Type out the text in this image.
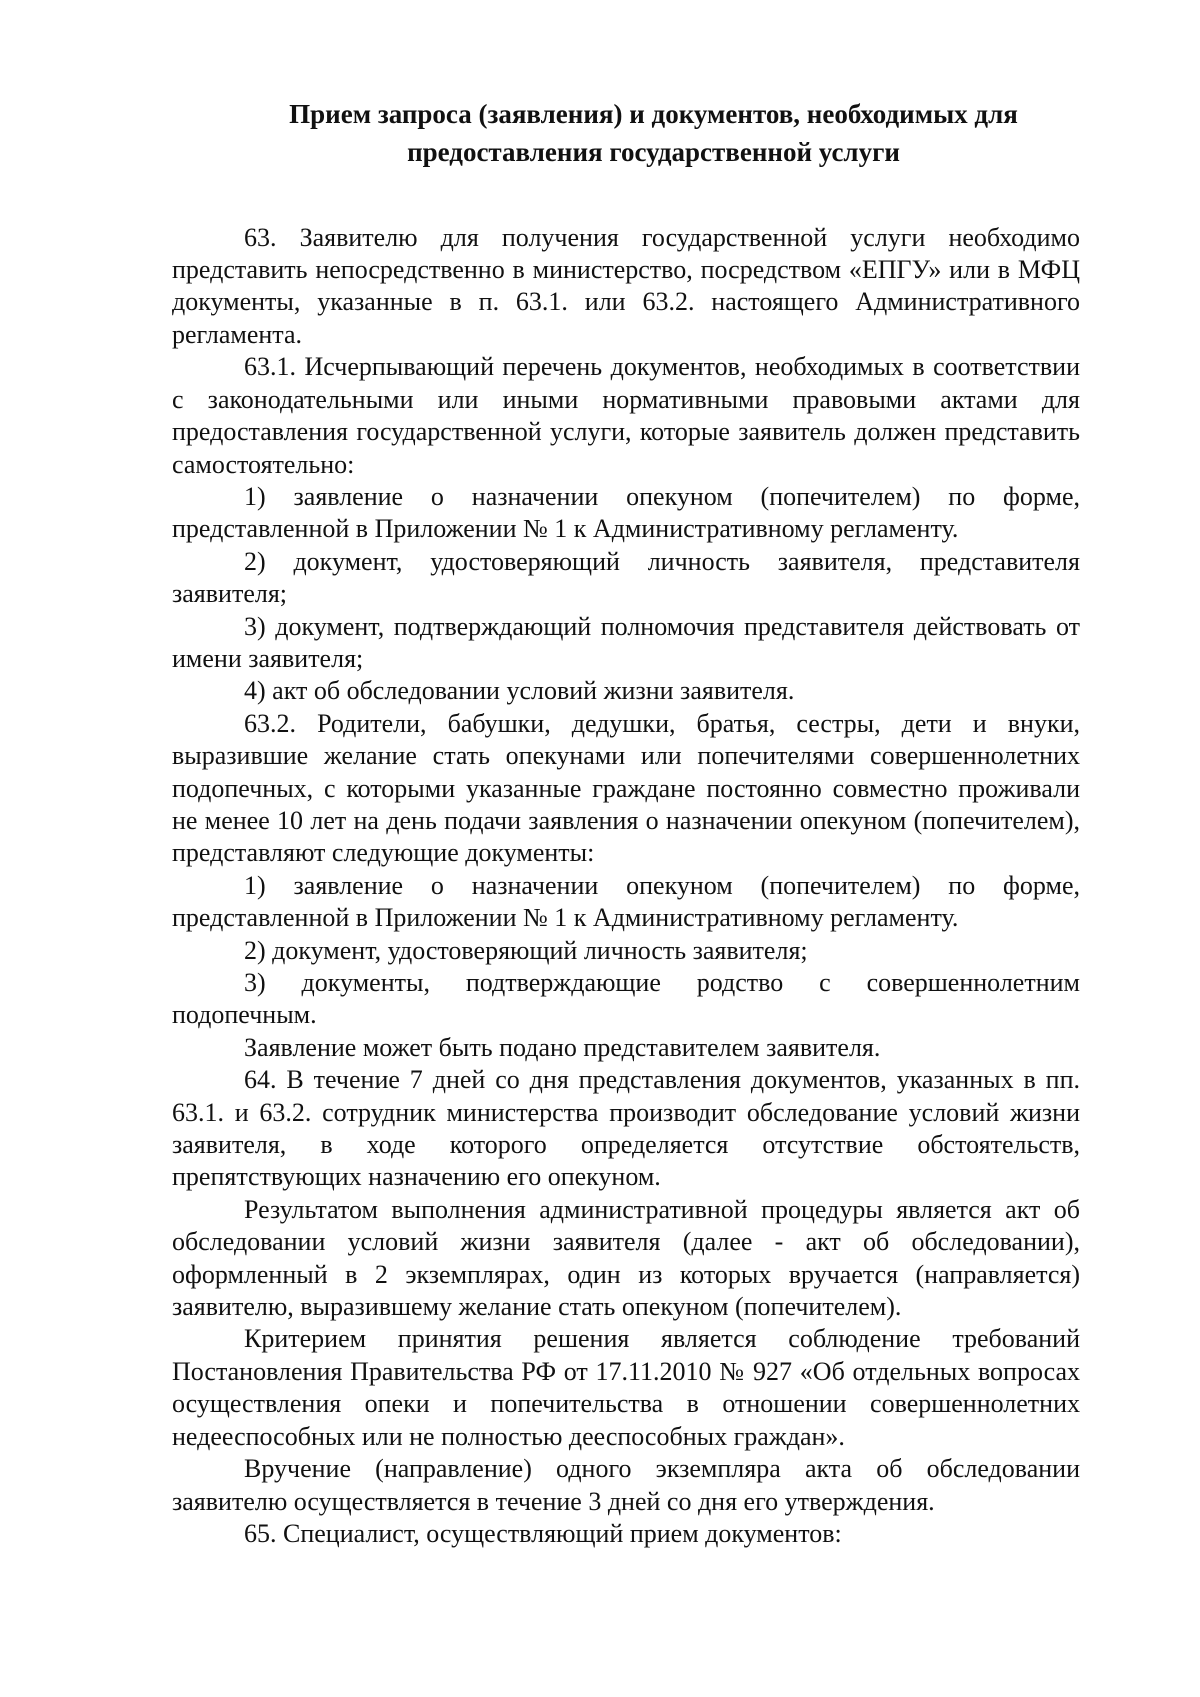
Прием запроса (заявления) и документов, необходимых для
предоставления государственной услуги

63. Заявителю для получения государственной услуги необходимо представить непосредственно в министерство, посредством «ЕПГУ» или в МФЦ документы, указанные в п. 63.1. или 63.2. настоящего Административного регламента.

63.1. Исчерпывающий перечень документов, необходимых в соответствии с законодательными или иными нормативными правовыми актами для предоставления государственной услуги, которые заявитель должен представить самостоятельно:

1) заявление о назначении опекуном (попечителем) по форме, представленной в Приложении № 1 к Административному регламенту.

2) документ, удостоверяющий личность заявителя, представителя заявителя;

3) документ, подтверждающий полномочия представителя действовать от имени заявителя;

4) акт об обследовании условий жизни заявителя.

63.2. Родители, бабушки, дедушки, братья, сестры, дети и внуки, выразившие желание стать опекунами или попечителями совершеннолетних подопечных, с которыми указанные граждане постоянно совместно проживали не менее 10 лет на день подачи заявления о назначении опекуном (попечителем), представляют следующие документы:

1) заявление о назначении опекуном (попечителем) по форме, представленной в Приложении № 1 к Административному регламенту.

2) документ, удостоверяющий личность заявителя;

3) документы, подтверждающие родство с совершеннолетним подопечным.

Заявление может быть подано представителем заявителя.

64. В течение 7 дней со дня представления документов, указанных в пп. 63.1. и 63.2. сотрудник министерства производит обследование условий жизни заявителя, в ходе которого определяется отсутствие обстоятельств, препятствующих назначению его опекуном.

Результатом выполнения административной процедуры является акт об обследовании условий жизни заявителя (далее - акт об обследовании), оформленный в 2 экземплярах, один из которых вручается (направляется) заявителю, выразившему желание стать опекуном (попечителем).

Критерием принятия решения является соблюдение требований Постановления Правительства РФ от 17.11.2010 № 927 «Об отдельных вопросах осуществления опеки и попечительства в отношении совершеннолетних недееспособных или не полностью дееспособных граждан».

Вручение (направление) одного экземпляра акта об обследовании заявителю осуществляется в течение 3 дней со дня его утверждения.

65. Специалист, осуществляющий прием документов:
